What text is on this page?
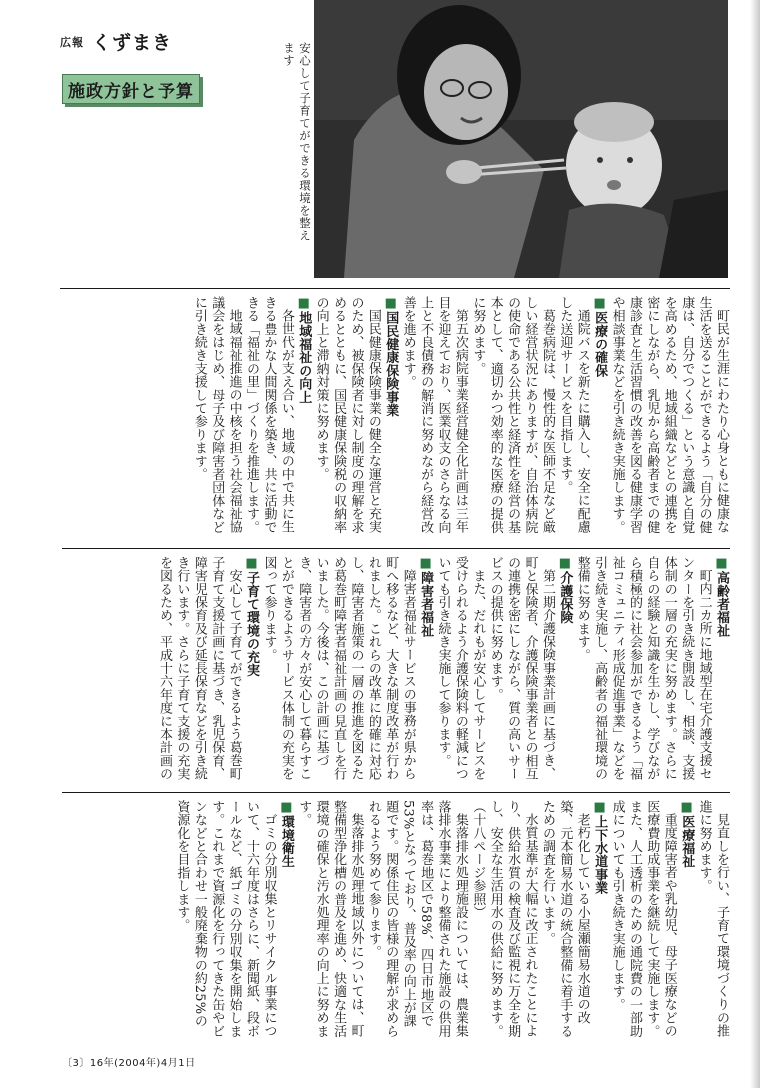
広報 くずまき
施政方針と予算	安心して子育てができる環境を整えます
〔3〕16年(2004年)4月1日

町民が生涯にわたり心身ともに健康な生活を送ることができるよう「自分の健康は、自分でつくる」という意識と自覚を高めるため、地域組織などとの連携を密にしながら、乳児から高齢者までの健康診査と生活習慣の改善を図る健康学習や相談事業などを引き続き実施します。

■医療の確保

通院バスを新たに購入し、安全に配慮した送迎サービスを目指します。

葛巻病院は、慢性的な医師不足など厳しい経営状況にありますが、自治体病院の使命である公共性と経済性を経営の基本として、適切かつ効率的な医療の提供に努めます。

第五次病院事業経営健全化計画は三年目を迎えており、医業収支のさらなる向上と不良債務の解消に努めながら経営改善を進めます。

■国民健康保険事業

国民健康保険事業の健全な運営と充実のため、被保険者に対し制度の理解を求めるとともに、国民健康保険税の収納率の向上と滞納対策に努めます。

■地域福祉の向上

各世代が支え合い、地域の中で共に生きる豊かな人間関係を築き、共に活動できる「福祉の里」づくりを推進します。

地域福祉推進の中核を担う社会福祉協議会をはじめ、母子及び障害者団体などに引き続き支援して参ります。

■高齢者福祉

町内二カ所に地域型在宅介護支援センターを引き続き開設し、相談、支援体制の一層の充実に努めます。さらに自らの経験と知識を生かし、学びながら積極的に社会参加ができるよう「福祉コミュニティ形成促進事業」などを引き続き実施し、高齢者の福祉環境の整備に努めます。

■介護保険

第二期介護保険事業計画に基づき、町と保険者、介護保険事業者との相互の連携を密にしながら、質の高いサービスの提供に努めます。

また、だれもが安心してサービスを受けられるよう介護保険料の軽減についても引き続き実施して参ります。

■障害者福祉

障害者福祉サービスの事務が県から町へ移るなど、大きな制度改革が行われました。これらの改革に的確に対応し、障害者施策の一層の推進を図るため葛巻町障害者福祉計画の見直しを行いました。今後は、この計画に基づき、障害者の方々が安心して暮らすことができるようサービス体制の充実を図って参ります。

■子育て環境の充実

安心して子育てができるよう葛巻町子育て支援計画に基づき、乳児保育、障害児保育及び延長保育などを引き続き行います。さらに子育て支援の充実を図るため、平成十六年度に本計画の

見直しを行い、子育て環境づくりの推進に努めます。

■医療福祉

重度障害者や乳幼児、母子医療などの医療費助成事業を継続して実施します。また、人工透析のための通院費の一部助成についても引き続き実施します。

■上下水道事業

老朽化している小屋瀬簡易水道の改築、元本簡易水道の統合整備に着手するための調査を行います。

水質基準が大幅に改正されたことにより、供給水質の検査及び監視に万全を期し、安全な生活用水の供給に努めます。（十八ページ参照）

集落排水処理施設については、農業集落排水事業により整備された施設の供用率は、葛巻地区で58%、四日市地区で53%となっており、普及率の向上が課題です。関係住民の皆様の理解が求められるよう努めて参ります。

集落排水処理地域以外については、町整備型浄化槽の普及を進め、快適な生活環境の確保と汚水処理率の向上に努めます。

■環境衛生

ゴミの分別収集とリサイクル事業について、十六年度はさらに、新聞紙、段ボールなど、紙ゴミの分別収集を開始します。これまで資源化を行ってきた缶やビンなどと合わせ一般廃棄物の約25%の資源化を目指します。
